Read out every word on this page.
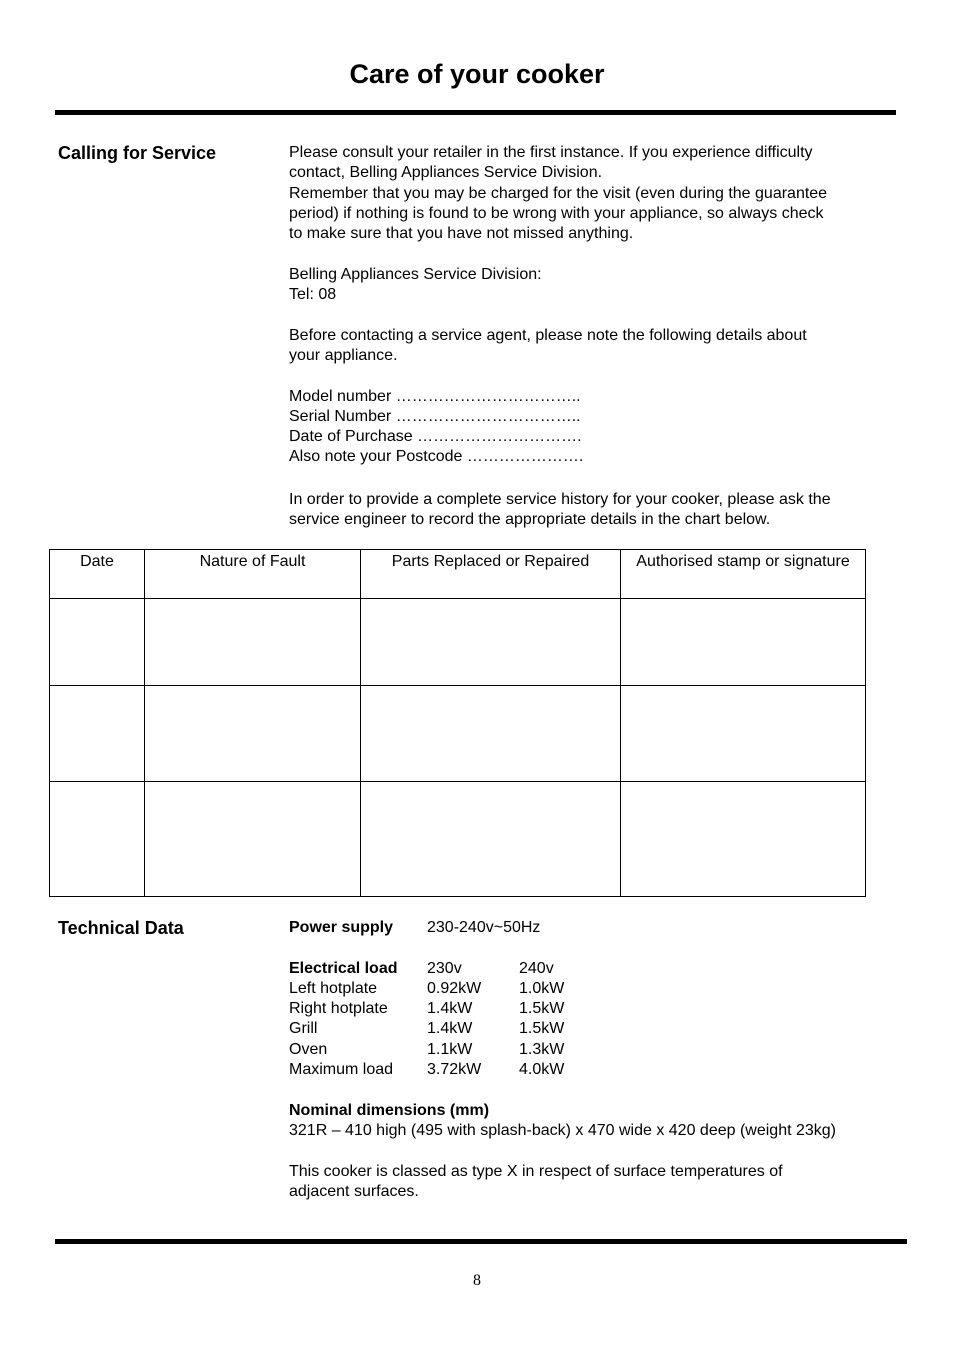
Care of your cooker
Calling for Service	Please consult your retailer in the first instance. If you experience difficulty

contact, Belling Appliances Service Division.

Remember that you may be charged for the visit (even during the guarantee

period) if nothing is found to be wrong with your appliance, so always check

to make sure that you have not missed anything.

Belling Appliances Service Division:

Tel: 08

Before contacting a service agent, please note the following details about

your appliance.

Model number ……………………………..

Serial Number ……………………………..

Date of Purchase ………………………….

Also note your Postcode ………………….

In order to provide a complete service history for your cooker, please ask the

service engineer to record the appropriate details in the chart below.

Date	Nature of Fault	Parts Replaced or Repaired	Authorised stamp or signature

Technical Data	Power supply	230-240v~50Hz
Electrical load	230v	240v
Left hotplate	0.92kW	1.0kW
Right hotplate	1.4kW	1.5kW
Grill	1.4kW	1.5kW
Oven	1.1kW	1.3kW
Maximum load	3.72kW	4.0kW

Nominal dimensions (mm)

321R – 410 high (495 with splash-back) x 470 wide x 420 deep (weight 23kg)

This cooker is classed as type X in respect of surface temperatures of

adjacent surfaces.

8
